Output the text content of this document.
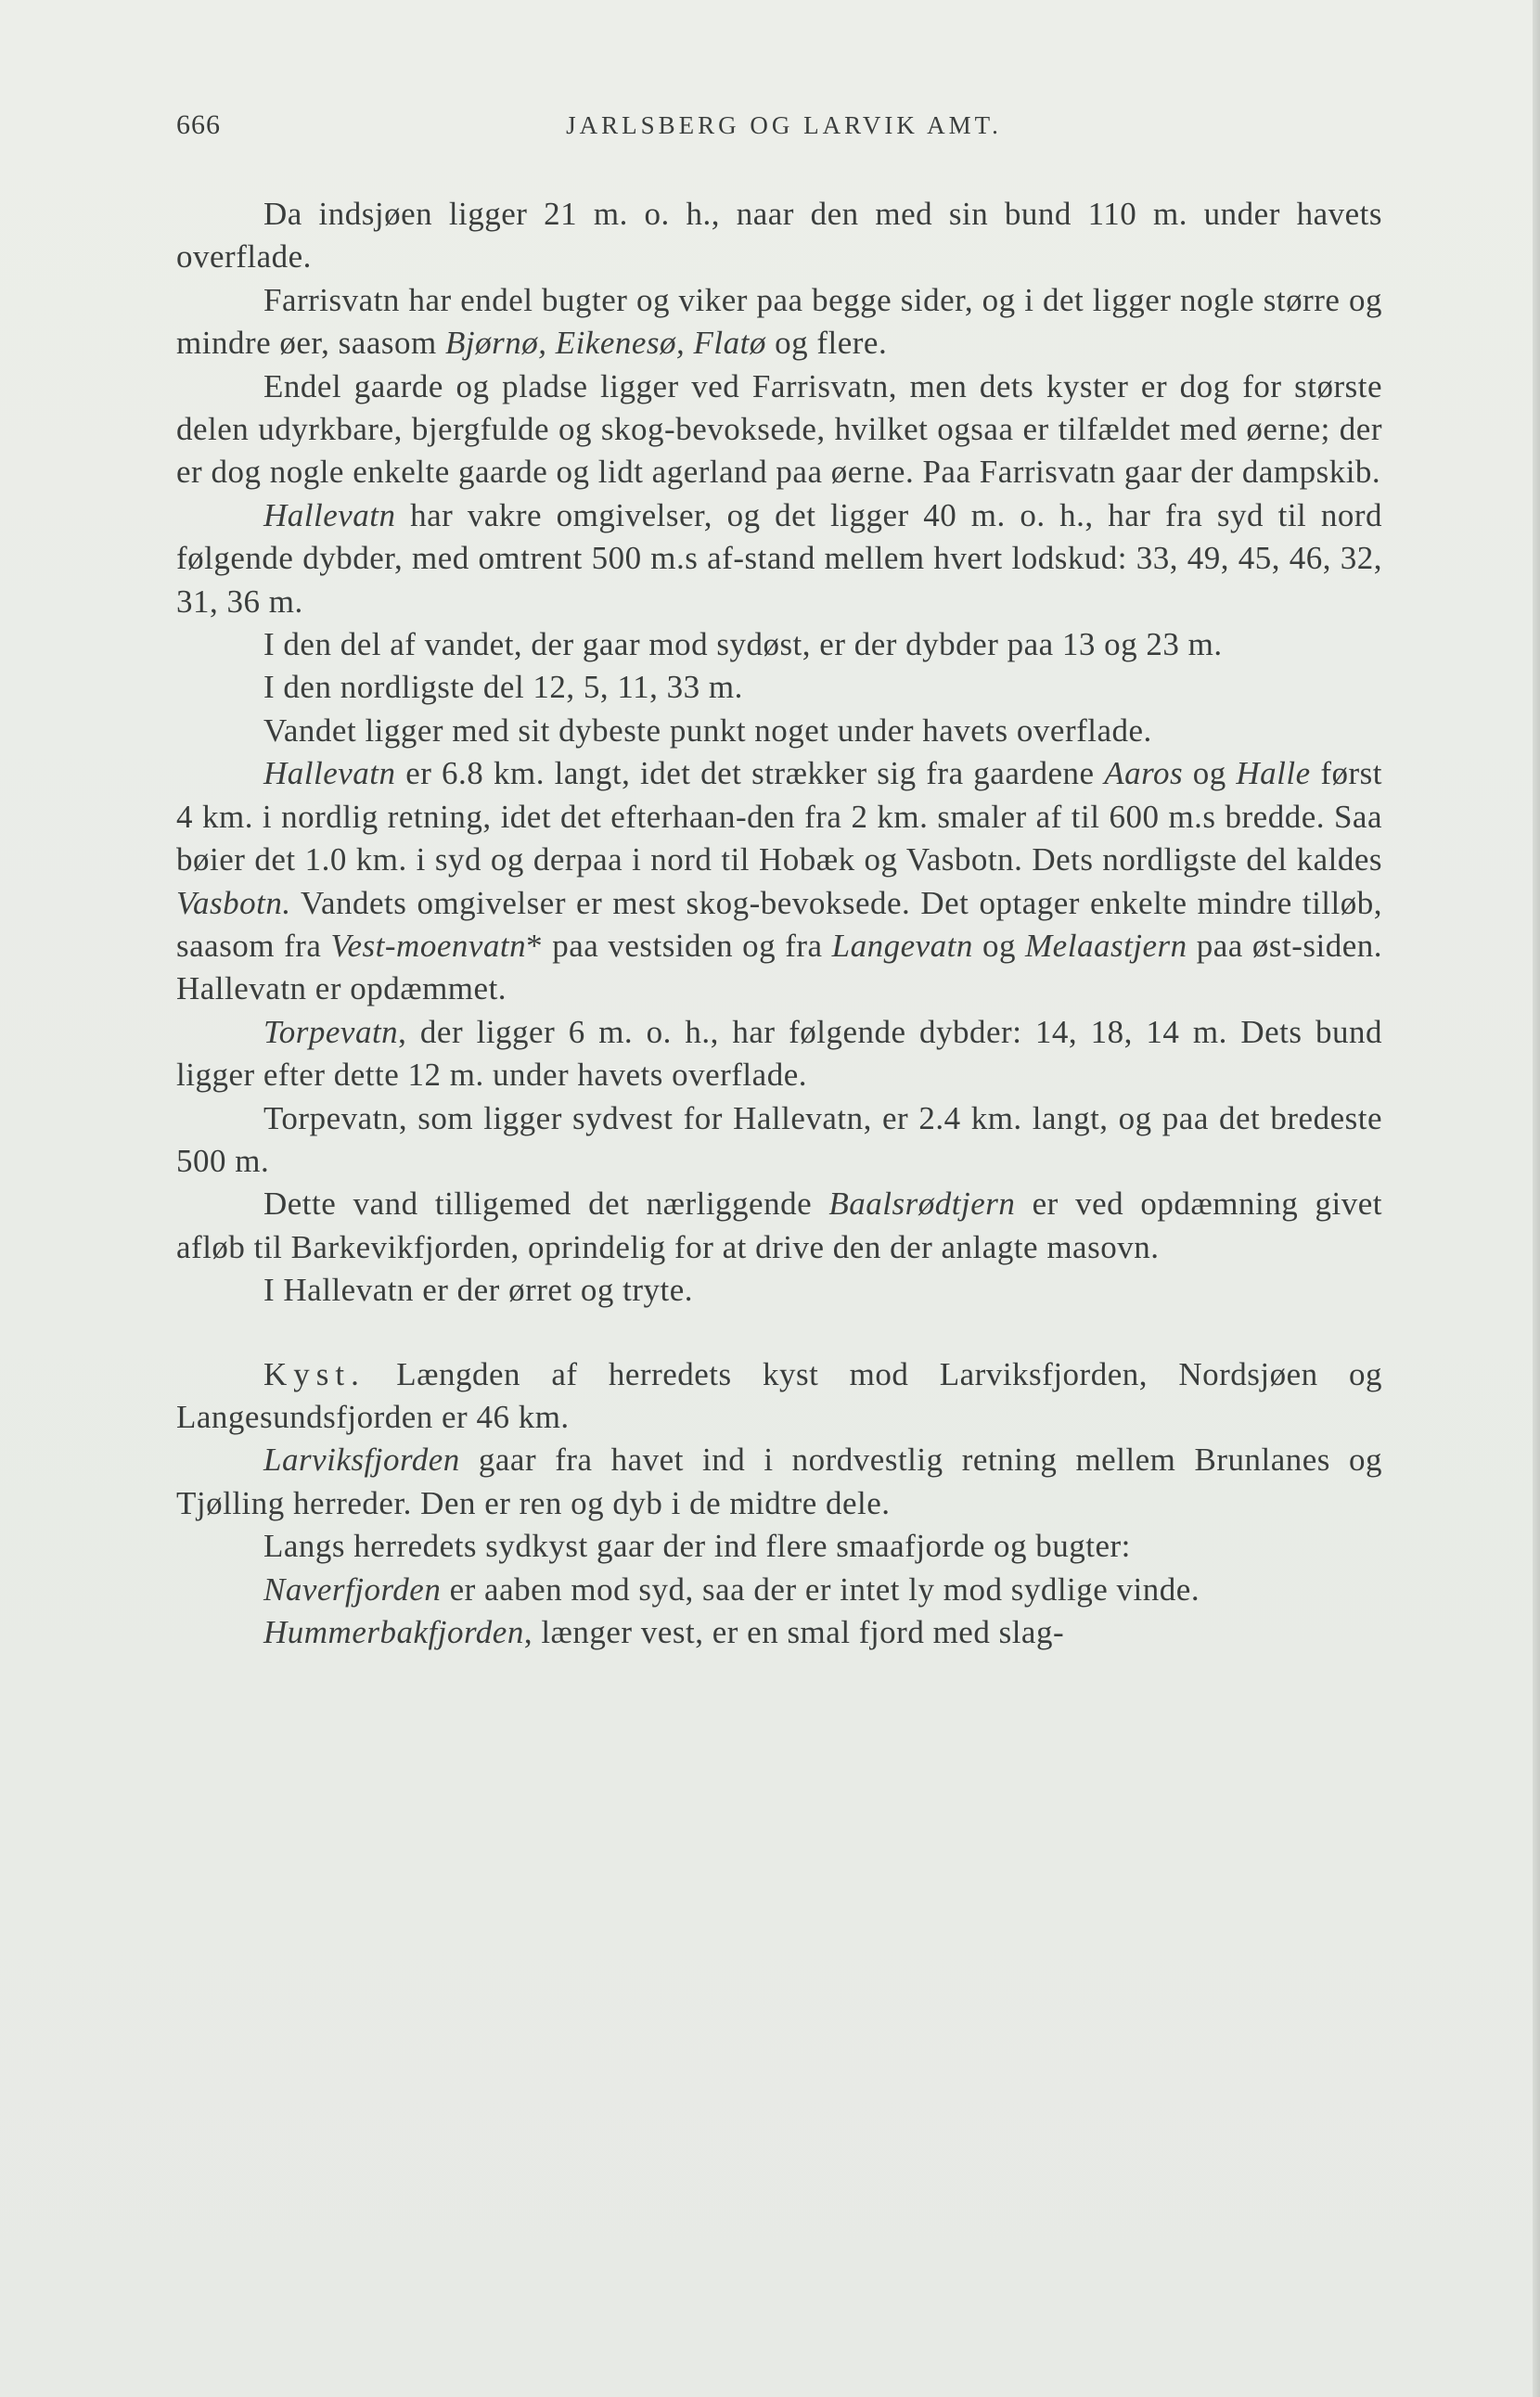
666	JARLSBERG OG LARVIK AMT.

Da indsjøen ligger 21 m. o. h., naar den med sin bund 110 m. under havets overflade.

Farrisvatn har endel bugter og viker paa begge sider, og i det ligger nogle større og mindre øer, saasom Bjørnø, Eikenesø, Flatø og flere.

Endel gaarde og pladse ligger ved Farrisvatn, men dets kyster er dog for største delen udyrkbare, bjergfulde og skog-bevoksede, hvilket ogsaa er tilfældet med øerne; der er dog nogle enkelte gaarde og lidt agerland paa øerne. Paa Farrisvatn gaar der dampskib.

Hallevatn har vakre omgivelser, og det ligger 40 m. o. h., har fra syd til nord følgende dybder, med omtrent 500 m.s af-stand mellem hvert lodskud: 33, 49, 45, 46, 32, 31, 36 m.

I den del af vandet, der gaar mod sydøst, er der dybder paa 13 og 23 m.

I den nordligste del 12, 5, 11, 33 m.

Vandet ligger med sit dybeste punkt noget under havets overflade.

Hallevatn er 6.8 km. langt, idet det strækker sig fra gaardene Aaros og Halle først 4 km. i nordlig retning, idet det efterhaan-den fra 2 km. smaler af til 600 m.s bredde. Saa bøier det 1.0 km. i syd og derpaa i nord til Hobæk og Vasbotn. Dets nordligste del kaldes Vasbotn. Vandets omgivelser er mest skog-bevoksede. Det optager enkelte mindre tilløb, saasom fra Vest-moenvatn* paa vestsiden og fra Langevatn og Melaastjern paa øst-siden. Hallevatn er opdæmmet.

Torpevatn, der ligger 6 m. o. h., har følgende dybder: 14, 18, 14 m. Dets bund ligger efter dette 12 m. under havets overflade.

Torpevatn, som ligger sydvest for Hallevatn, er 2.4 km. langt, og paa det bredeste 500 m.

Dette vand tilligemed det nærliggende Baalsrødtjern er ved opdæmning givet afløb til Barkevikfjorden, oprindelig for at drive den der anlagte masovn.

I Hallevatn er der ørret og tryte.

Kyst. Længden af herredets kyst mod Larviksfjorden, Nordsjøen og Langesundsfjorden er 46 km.

Larviksfjorden gaar fra havet ind i nordvestlig retning mellem Brunlanes og Tjølling herreder. Den er ren og dyb i de midtre dele.

Langs herredets sydkyst gaar der ind flere smaafjorde og bugter:

Naverfjorden er aaben mod syd, saa der er intet ly mod sydlige vinde.

Hummerbakfjorden, længer vest, er en smal fjord med slag-
